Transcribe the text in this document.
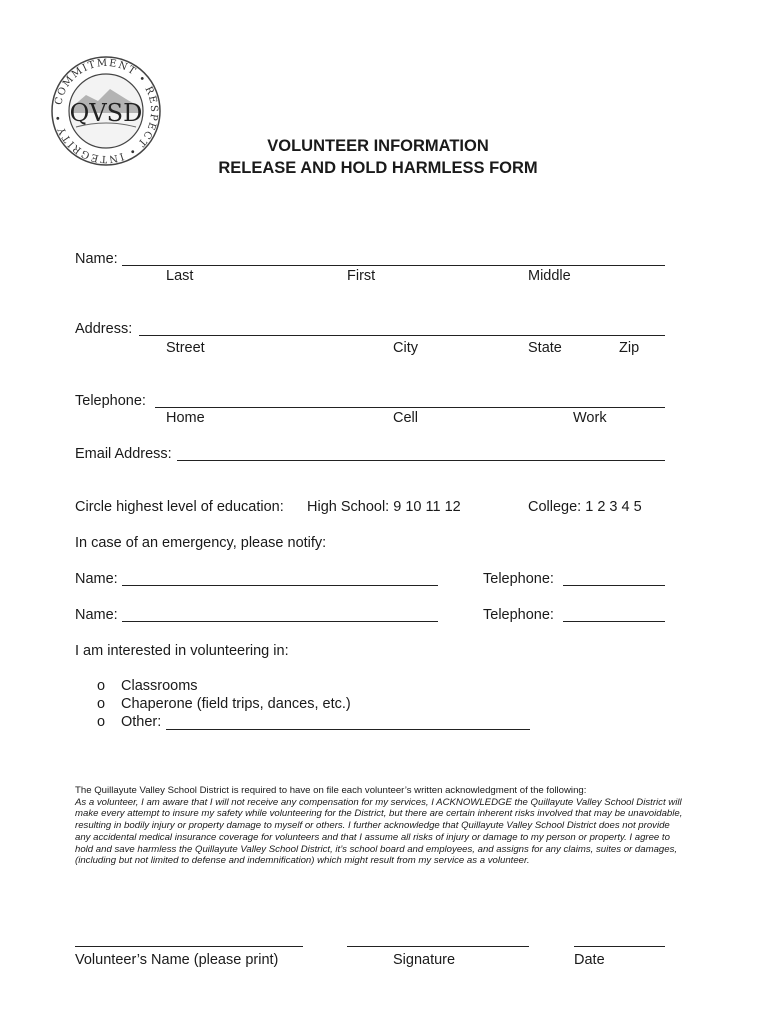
COMMITMENT • RESPECT • INTEGRITY • QVSD
VOLUNTEER INFORMATION
RELEASE AND HOLD HARMLESS FORM
Name:
Last	First	Middle
Address:
Street	City	State	Zip
Telephone:
Home	Cell	Work
Email Address:
Circle highest level of education: High School: 9 10 11 12	College: 1 2 3 4 5
In case of an emergency, please notify:
Name:	Telephone:
Name:	Telephone:
I am interested in volunteering in:
o Classrooms
o Chaperone (field trips, dances, etc.)
o Other:
The Quillayute Valley School District is required to have on file each volunteer’s written acknowledgment of the following:
As a volunteer, I am aware that I will not receive any compensation for my services, I ACKNOWLEDGE the Quillayute Valley School District will make every attempt to insure my safety while volunteering for the District, but there are certain inherent risks involved that may be unavoidable, resulting in bodily injury or property damage to myself or others. I further acknowledge that Quillayute Valley School District does not provide any accidental medical insurance coverage for volunteers and that I assume all risks of injury or damage to my person or property. I agree to hold and save harmless the Quillayute Valley School District, it’s school board and employees, and assigns for any claims, suites or damages, (including but not limited to defense and indemnification) which might result from my service as a volunteer.
Volunteer’s Name (please print)	Signature	Date
